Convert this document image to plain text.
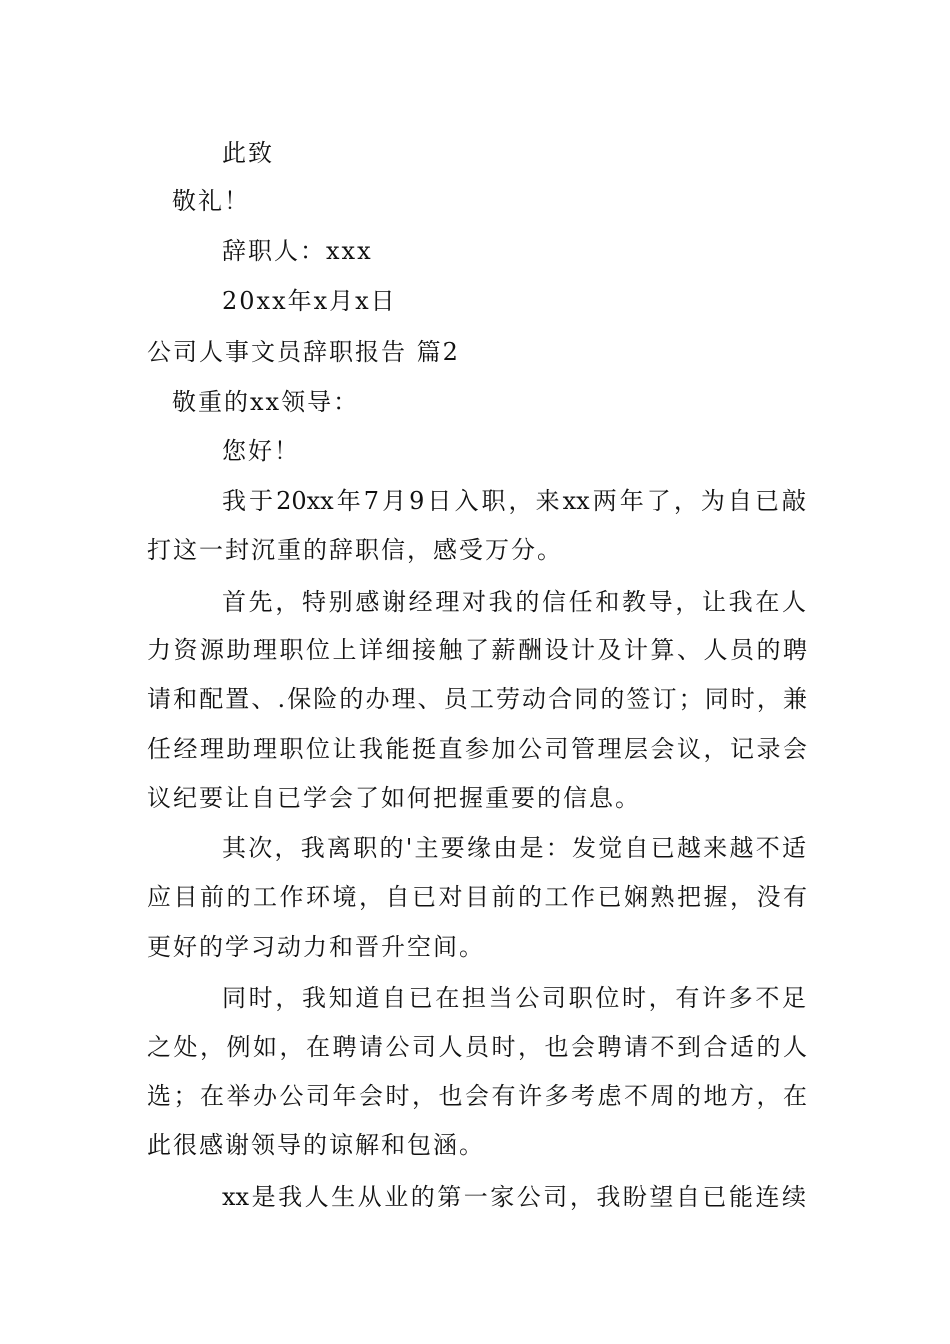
此致
敬礼！
辞职人：xxx
20xx年x月x日
公司人事文员辞职报告 篇2
敬重的xx领导：
您好！
我于20xx年7月9日入职，来xx两年了，为自已敲
打这一封沉重的辞职信，感受万分。
首先，特别感谢经理对我的信任和教导，让我在人
力资源助理职位上详细接触了薪酬设计及计算、人员的聘
请和配置、.保险的办理、员工劳动合同的签订；同时，兼
任经理助理职位让我能挺直参加公司管理层会议，记录会
议纪要让自已学会了如何把握重要的信息。
其次，我离职的'主要缘由是：发觉自已越来越不适
应目前的工作环境，自已对目前的工作已娴熟把握，没有
更好的学习动力和晋升空间。
同时，我知道自已在担当公司职位时，有许多不足
之处，例如，在聘请公司人员时，也会聘请不到合适的人
选；在举办公司年会时，也会有许多考虑不周的地方，在
此很感谢领导的谅解和包涵。
xx是我人生从业的第一家公司，我盼望自已能连续
